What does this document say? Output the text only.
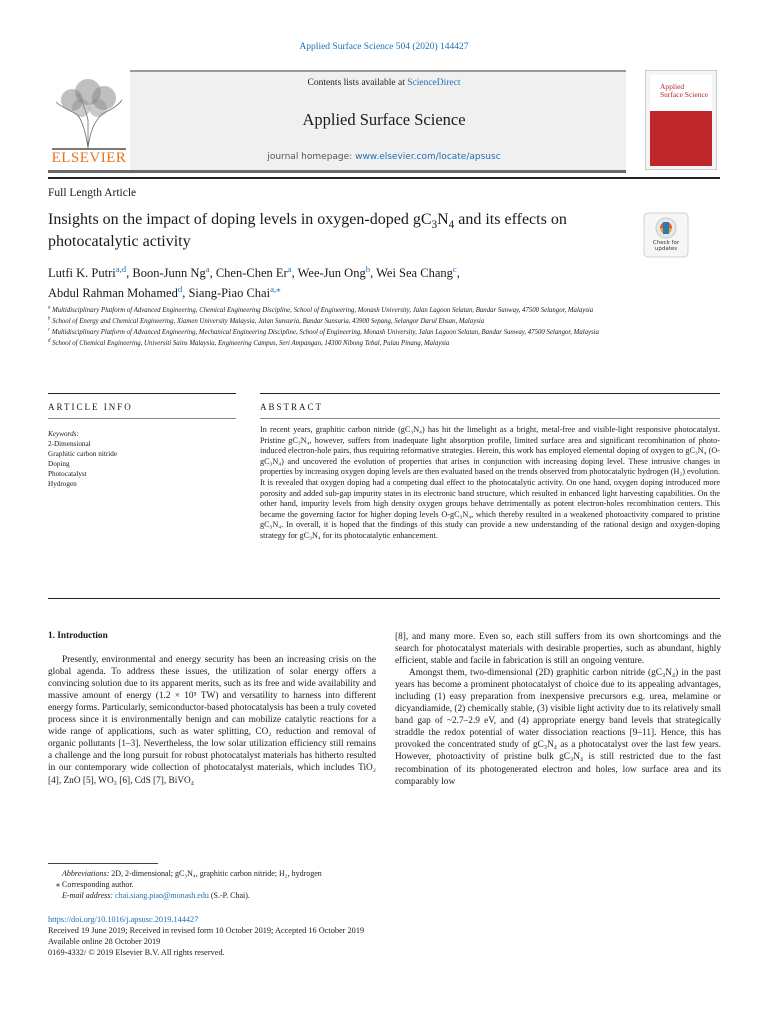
Applied Surface Science 504 (2020) 144427
ELSEVIER
Contents lists available at ScienceDirect
Applied Surface Science
journal homepage: www.elsevier.com/locate/apsusc
Applied
Surface Science
Full Length Article
Insights on the impact of doping levels in oxygen-doped $gC_3N_4$ and its effects on photocatalytic activity	Check for updates
Lutfi K. Putri$^{a,d}$, Boon-Junn Ng$^a$, Chen-Chen Er$^a$, Wee-Jun Ong$^b$, Wei Sea Chang$^c$,
Abdul Rahman Mohamed$^d$, Siang-Piao Chai$^{a,⁎}$

$^a$ Multidisciplinary Platform of Advanced Engineering, Chemical Engineering Discipline, School of Engineering, Monash University, Jalan Lagoon Selatan, Bandar Sunway, 47500 Selangor, Malaysia

$^b$ School of Energy and Chemical Engineering, Xiamen University Malaysia, Jalan Sunsuria, Bandar Sunsuria, 43900 Sepang, Selangor Darul Ehsan, Malaysia

$^c$ Multidisciplinary Platform of Advanced Engineering, Mechanical Engineering Discipline, School of Engineering, Monash University, Jalan Lagoon Selatan, Bandar Sunway, 47500 Selangor, Malaysia

$^d$ School of Chemical Engineering, Universiti Sains Malaysia, Engineering Campus, Seri Ampangan, 14300 Nibong Tebal, Pulau Pinang, Malaysia

ARTICLE INFO	ABSTRACT
Keywords:
2-Dimensional
Graphitic carbon nitride
Doping
Photocatalyst
Hydrogen

In recent years, graphitic carbon nitride (gC₃N₄) has hit the limelight as a bright, metal-free and visible-light responsive photocatalyst. Pristine gC₃N₄, however, suffers from inadequate light absorption profile, limited surface area and significant recombination of photo-induced electron-hole pairs, thus requiring reformative strategies. Herein, this work has employed elemental doping of oxygen to gC₃N₄ (O-gC₃N₄) and uncovered the evolution of properties that arises in conjunction with increasing doping level. These intrusive changes in properties by increasing oxygen doping levels are then evaluated based on the trends observed from photocatalytic hydrogen (H₂) evolution. It is revealed that oxygen doping had a competing dual effect to the photocatalytic activity. On one hand, oxygen doping introduced more porosity and added sub-gap impurity states in its electronic band structure, which resulted in enhanced light harvesting capabilities. On the other hand, impurity levels from high density oxygen groups behave detrimentally as potent electron-holes recombination centers. This became the governing factor for higher doping levels O-gC₃N₄, which thereby resulted in a weakened photoactivity compared to pristine gC₃N₄. In overall, it is hoped that the findings of this study can provide a new understanding of the rational design and oxygen-doping strategy for gC₃N₄ for its photocatalytic enhancement.

1. Introduction

Presently, environmental and energy security has been an increasing crisis on the global agenda. To address these issues, the utilization of solar energy offers a convincing solution due to its apparent merits, such as its free and wide availability and massive amount of energy (1.2 × 10⁵ TW) and versatility to harness into different energy forms. Particularly, semiconductor-based photocatalysis has been a truly coveted process since it is environmentally benign and can mobilize catalytic reactions for a wide range of applications, such as water splitting, CO₂ reduction and removal of organic pollutants [1–3]. Nevertheless, the low solar utilization efficiency still remains a challenge and the long pursuit for robust photocatalyst materials has hitherto resulted in our contemporary wide collection of photocatalyst materials, which includes TiO₂ [4], ZnO [5], WO₃ [6], CdS [7], BiVO₄

[8], and many more. Even so, each still suffers from its own shortcomings and the search for photocatalyst materials with desirable properties, such as abundant, highly efficient, stable and facile in fabrication is still an ongoing venture.

Amongst them, two-dimensional (2D) graphitic carbon nitride (gC₃N₄) in the past years has become a prominent photocatalyst of choice due to its appealing advantages, including (1) easy preparation from inexpensive precursors e.g. urea, melamine or dicyandiamide, (2) chemically stable, (3) visible light activity due to its relatively small band gap of ~2.7–2.9 eV, and (4) appropriate energy band levels that strategically straddle the redox potential of water dissociation reactions [9–11]. Hence, this has provoked the concentrated study of gC₃N₄ as a photocatalyst over the last few years. However, photoactivity of pristine bulk gC₃N₄ is still restricted due to the fast recombination of its photogenerated electron and holes, low surface area and its comparably low

Abbreviations: 2D, 2-dimensional; gC₃N₄, graphitic carbon nitride; H₂, hydrogen
⁎ Corresponding author.
E-mail address: chai.siang.piao@monash.edu (S.-P. Chai).
https://doi.org/10.1016/j.apsusc.2019.144427
Received 19 June 2019; Received in revised form 10 October 2019; Accepted 16 October 2019
Available online 28 October 2019
0169-4332/ © 2019 Elsevier B.V. All rights reserved.
